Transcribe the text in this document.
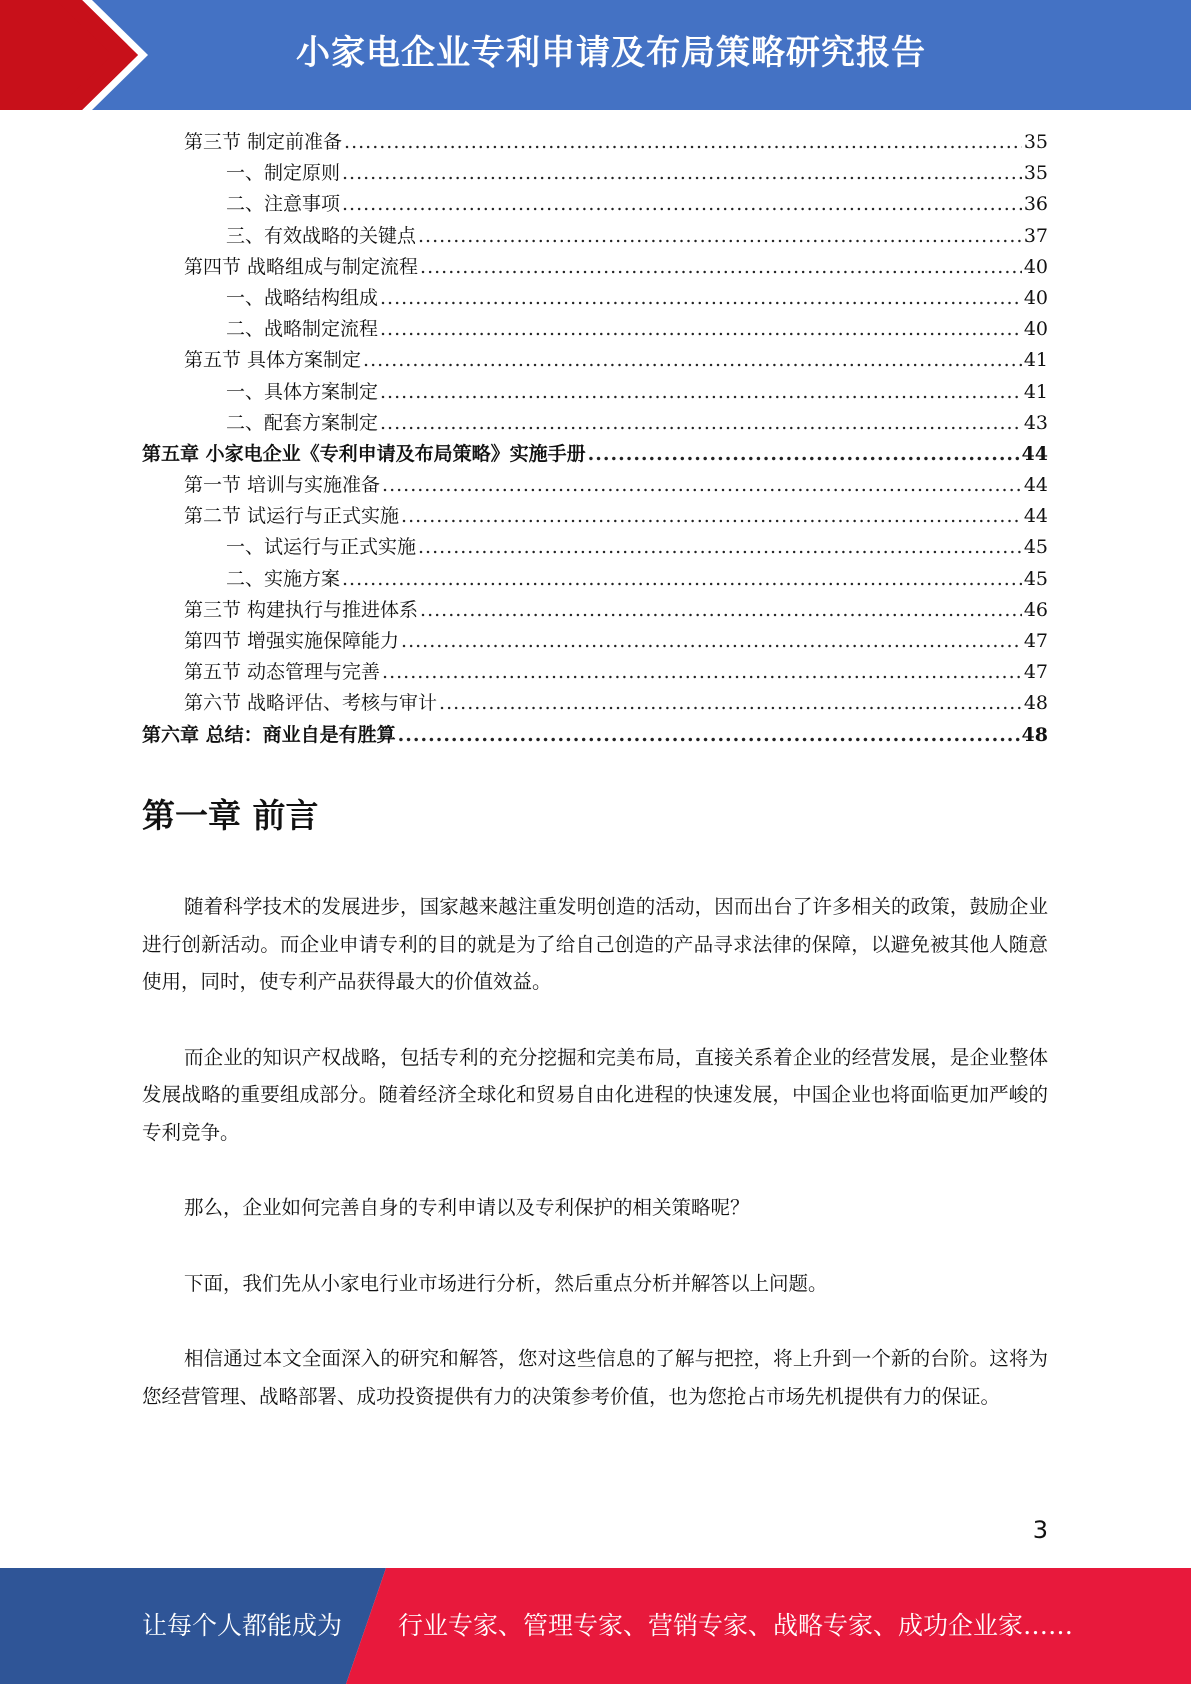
小家电企业专利申请及布局策略研究报告
第三节 制定前准备 .....	35
一、制定原则 .....	35
二、注意事项 .....	36
三、有效战略的关键点 .....	37
第四节 战略组成与制定流程 .....	40
一、战略结构组成 .....	40
二、战略制定流程 .....	40
第五节 具体方案制定 .....	41
一、具体方案制定 .....	41
二、配套方案制定 .....	43
第五章 小家电企业《专利申请及布局策略》实施手册 .....	44
第一节 培训与实施准备 .....	44
第二节 试运行与正式实施 .....	44
一、试运行与正式实施 .....	45
二、实施方案 .....	45
第三节 构建执行与推进体系 .....	46
第四节 增强实施保障能力 .....	47
第五节 动态管理与完善 .....	47
第六节 战略评估、考核与审计 .....	48
第六章 总结：商业自是有胜算 .....	48
第一章 前言

随着科学技术的发展进步，国家越来越注重发明创造的活动，因而出台了许多相关的政策，鼓励企业进行创新活动。而企业申请专利的目的就是为了给自己创造的产品寻求法律的保障，以避免被其他人随意使用，同时，使专利产品获得最大的价值效益。

而企业的知识产权战略，包括专利的充分挖掘和完美布局，直接关系着企业的经营发展，是企业整体发展战略的重要组成部分。随着经济全球化和贸易自由化进程的快速发展，中国企业也将面临更加严峻的专利竞争。

那么，企业如何完善自身的专利申请以及专利保护的相关策略呢？

下面，我们先从小家电行业市场进行分析，然后重点分析并解答以上问题。

相信通过本文全面深入的研究和解答，您对这些信息的了解与把控，将上升到一个新的台阶。这将为您经营管理、战略部署、成功投资提供有力的决策参考价值，也为您抢占市场先机提供有力的保证。

3
让每个人都能成为 行业专家、管理专家、营销专家、战略专家、成功企业家……
